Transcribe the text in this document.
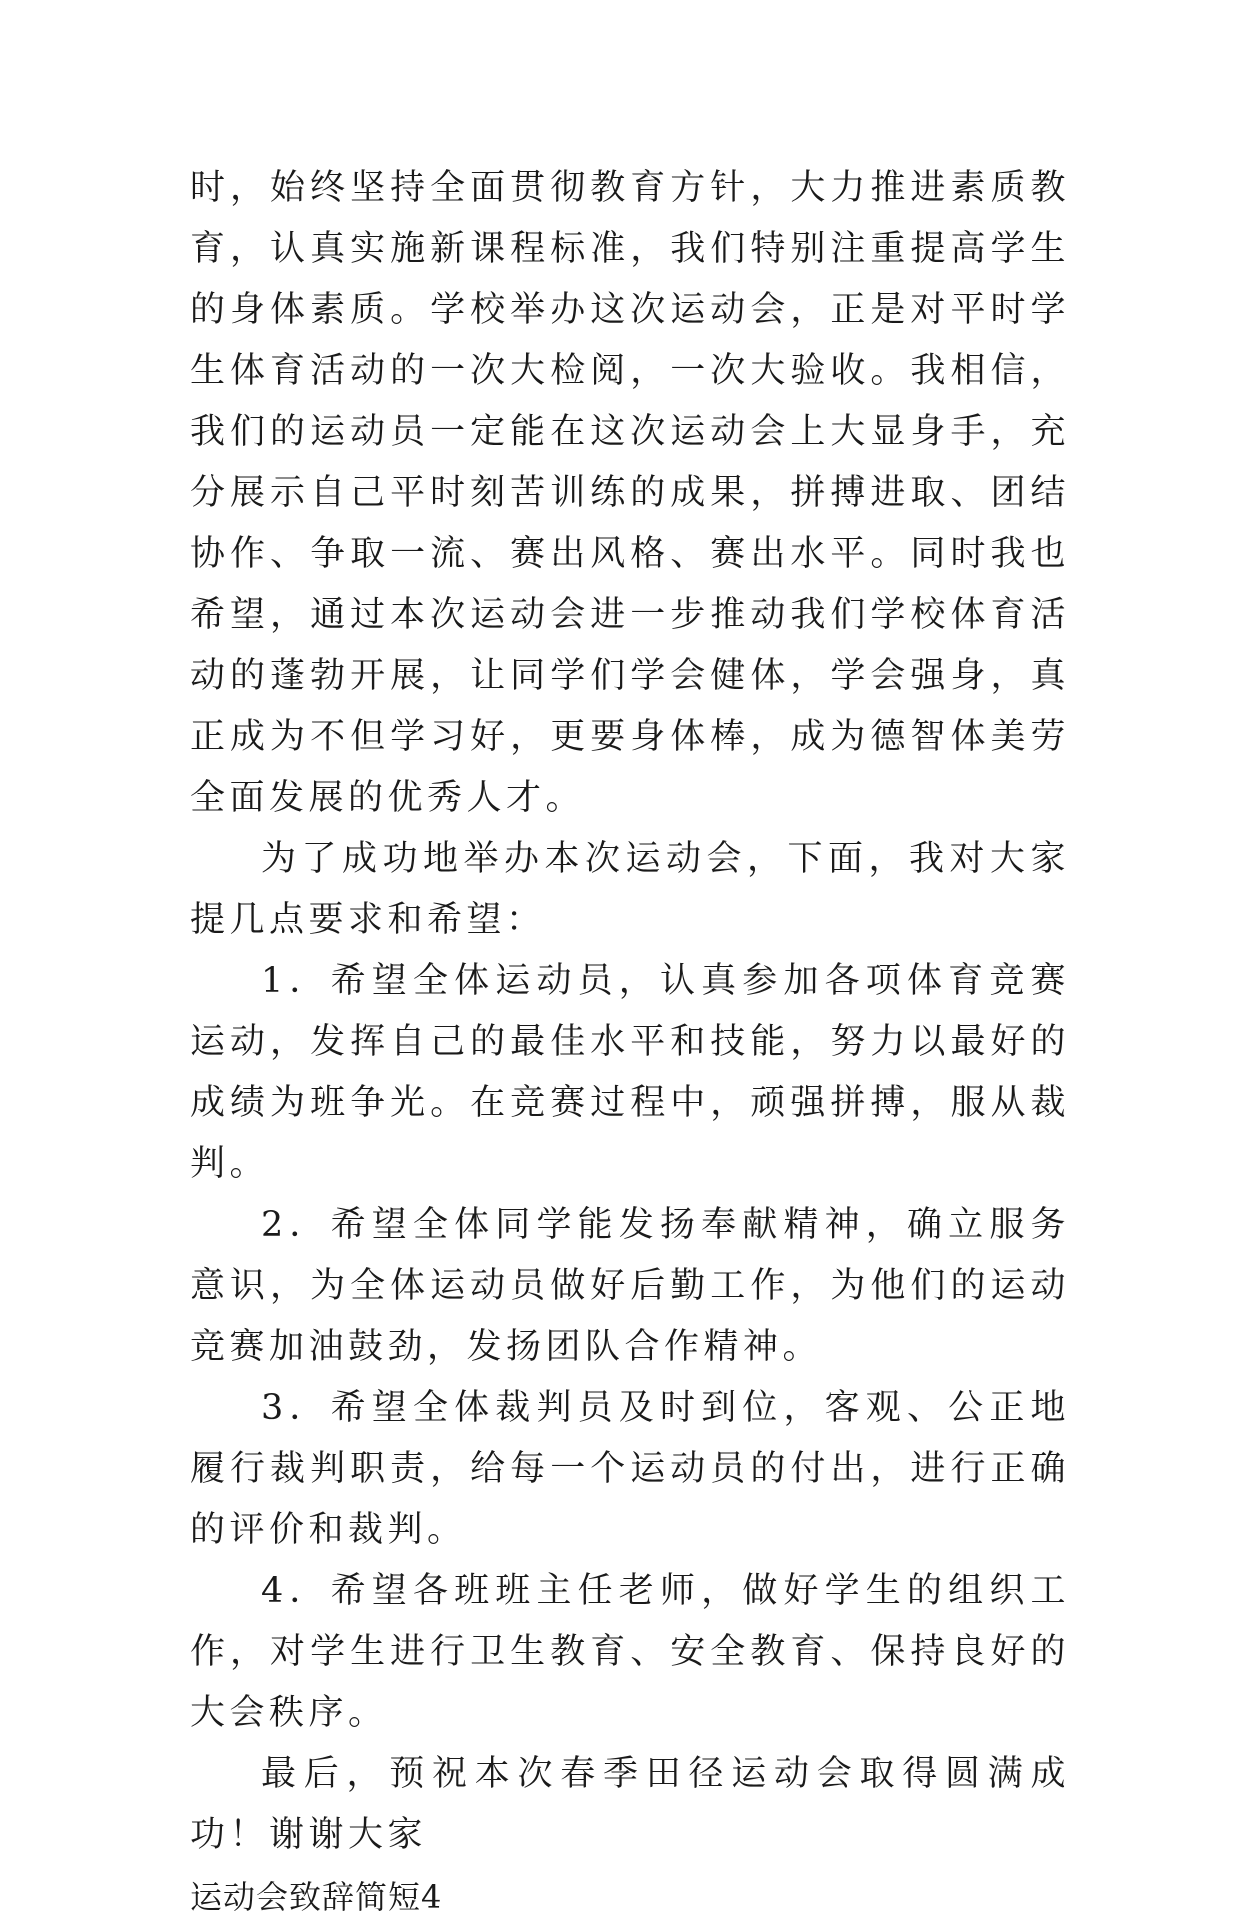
时，始终坚持全面贯彻教育方针，大力推进素质教育，认真实施新课程标准，我们特别注重提高学生的身体素质。学校举办这次运动会，正是对平时学生体育活动的一次大检阅，一次大验收。我相信，我们的运动员一定能在这次运动会上大显身手，充分展示自己平时刻苦训练的成果，拼搏进取、团结协作、争取一流、赛出风格、赛出水平。同时我也希望，通过本次运动会进一步推动我们学校体育活动的蓬勃开展，让同学们学会健体，学会强身，真正成为不但学习好，更要身体棒，成为德智体美劳全面发展的优秀人才。

为了成功地举办本次运动会，下面，我对大家提几点要求和希望：

1．希望全体运动员，认真参加各项体育竞赛运动，发挥自己的最佳水平和技能，努力以最好的成绩为班争光。在竞赛过程中，顽强拼搏，服从裁判。

2．希望全体同学能发扬奉献精神，确立服务意识，为全体运动员做好后勤工作，为他们的运动竞赛加油鼓劲，发扬团队合作精神。

3．希望全体裁判员及时到位，客观、公正地履行裁判职责，给每一个运动员的付出，进行正确的评价和裁判。

4．希望各班班主任老师，做好学生的组织工作，对学生进行卫生教育、安全教育、保持良好的大会秩序。

最后，预祝本次春季田径运动会取得圆满成功！谢谢大家

运动会致辞简短4
